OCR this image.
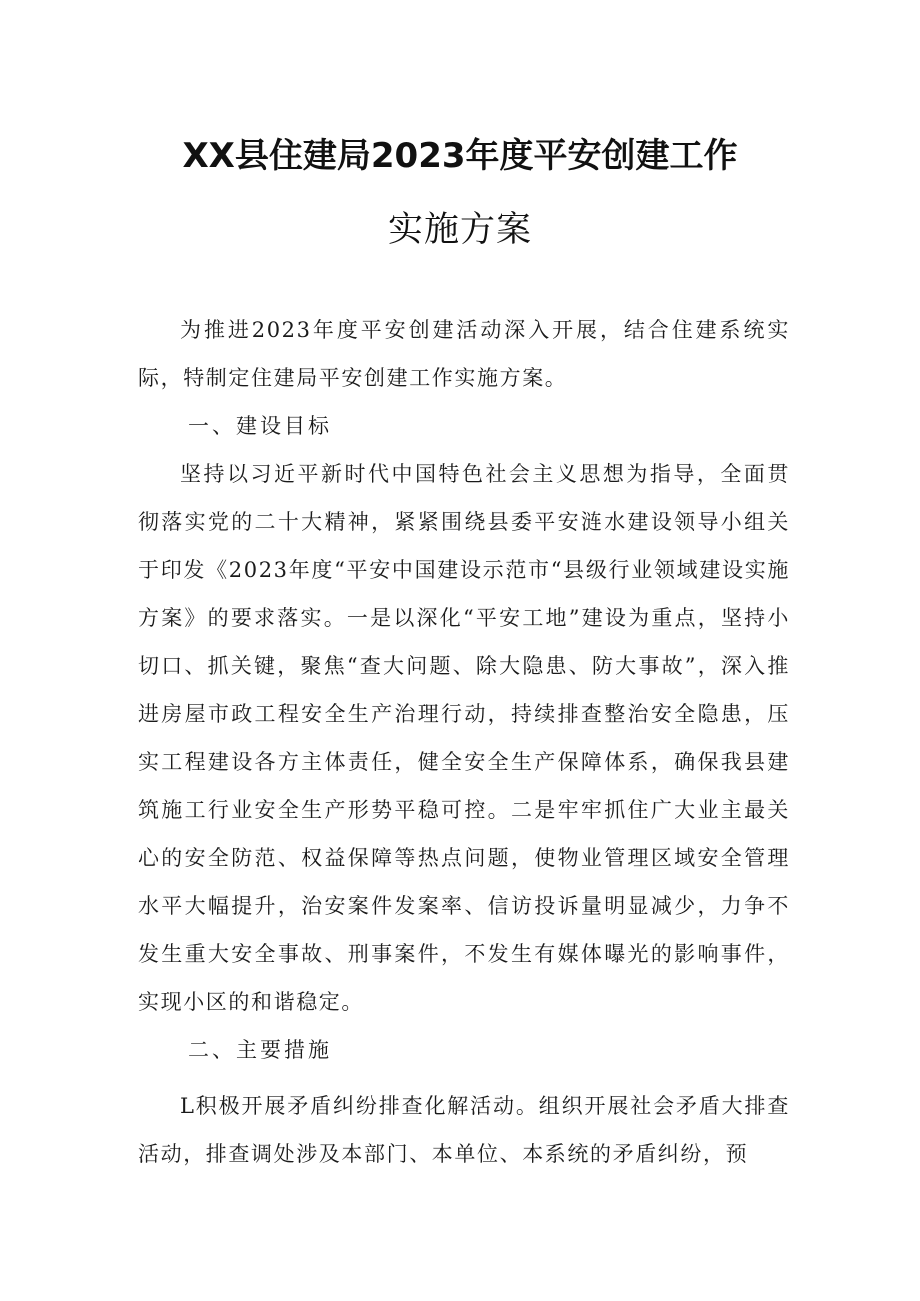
XX县住建局2023年度平安创建工作
实施方案

为推进2023年度平安创建活动深入开展，结合住建系统实际，特制定住建局平安创建工作实施方案。

一、建设目标

坚持以习近平新时代中国特色社会主义思想为指导，全面贯彻落实党的二十大精神，紧紧围绕县委平安涟水建设领导小组关于印发《2023年度“平安中国建设示范市“县级行业领域建设实施方案》的要求落实。一是以深化“平安工地”建设为重点，坚持小切口、抓关键，聚焦“查大问题、除大隐患、防大事故”，深入推进房屋市政工程安全生产治理行动，持续排查整治安全隐患，压实工程建设各方主体责任，健全安全生产保障体系，确保我县建筑施工行业安全生产形势平稳可控。二是牢牢抓住广大业主最关心的安全防范、权益保障等热点问题，使物业管理区域安全管理水平大幅提升，治安案件发案率、信访投诉量明显减少，力争不发生重大安全事故、刑事案件，不发生有媒体曝光的影响事件，实现小区的和谐稳定。

二、主要措施

L积极开展矛盾纠纷排查化解活动。组织开展社会矛盾大排查活动，排查调处涉及本部门、本单位、本系统的矛盾纠纷，预
